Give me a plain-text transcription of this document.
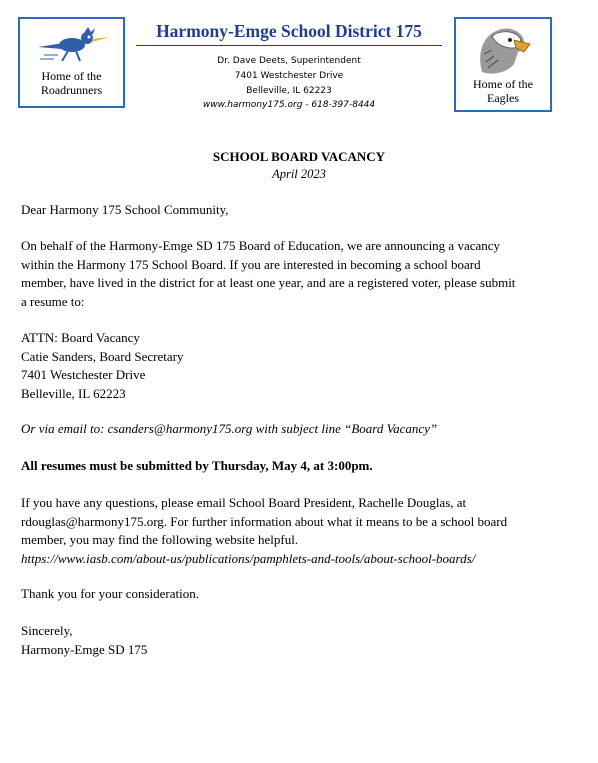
Home of the
Roadrunners
Harmony-Emge School District 175
Dr. Dave Deets, Superintendent
7401 Westchester Drive
Belleville, IL 62223
www.harmony175.org - 618-397-8444
Home of the
Eagles
SCHOOL BOARD VACANCY
April 2023
Dear Harmony 175 School Community,
On behalf of the Harmony-Emge SD 175 Board of Education, we are announcing a vacancy
within the Harmony 175 School Board. If you are interested in becoming a school board
member, have lived in the district for at least one year, and are a registered voter, please submit
a resume to:
ATTN: Board Vacancy
Catie Sanders, Board Secretary
7401 Westchester Drive
Belleville, IL 62223
Or via email to: csanders@harmony175.org with subject line “Board Vacancy”
All resumes must be submitted by Thursday, May 4, at 3:00pm.
If you have any questions, please email School Board President, Rachelle Douglas, at
rdouglas@harmony175.org. For further information about what it means to be a school board
member, you may find the following website helpful.
https://www.iasb.com/about-us/publications/pamphlets-and-tools/about-school-boards/
Thank you for your consideration.
Sincerely,
Harmony-Emge SD 175
